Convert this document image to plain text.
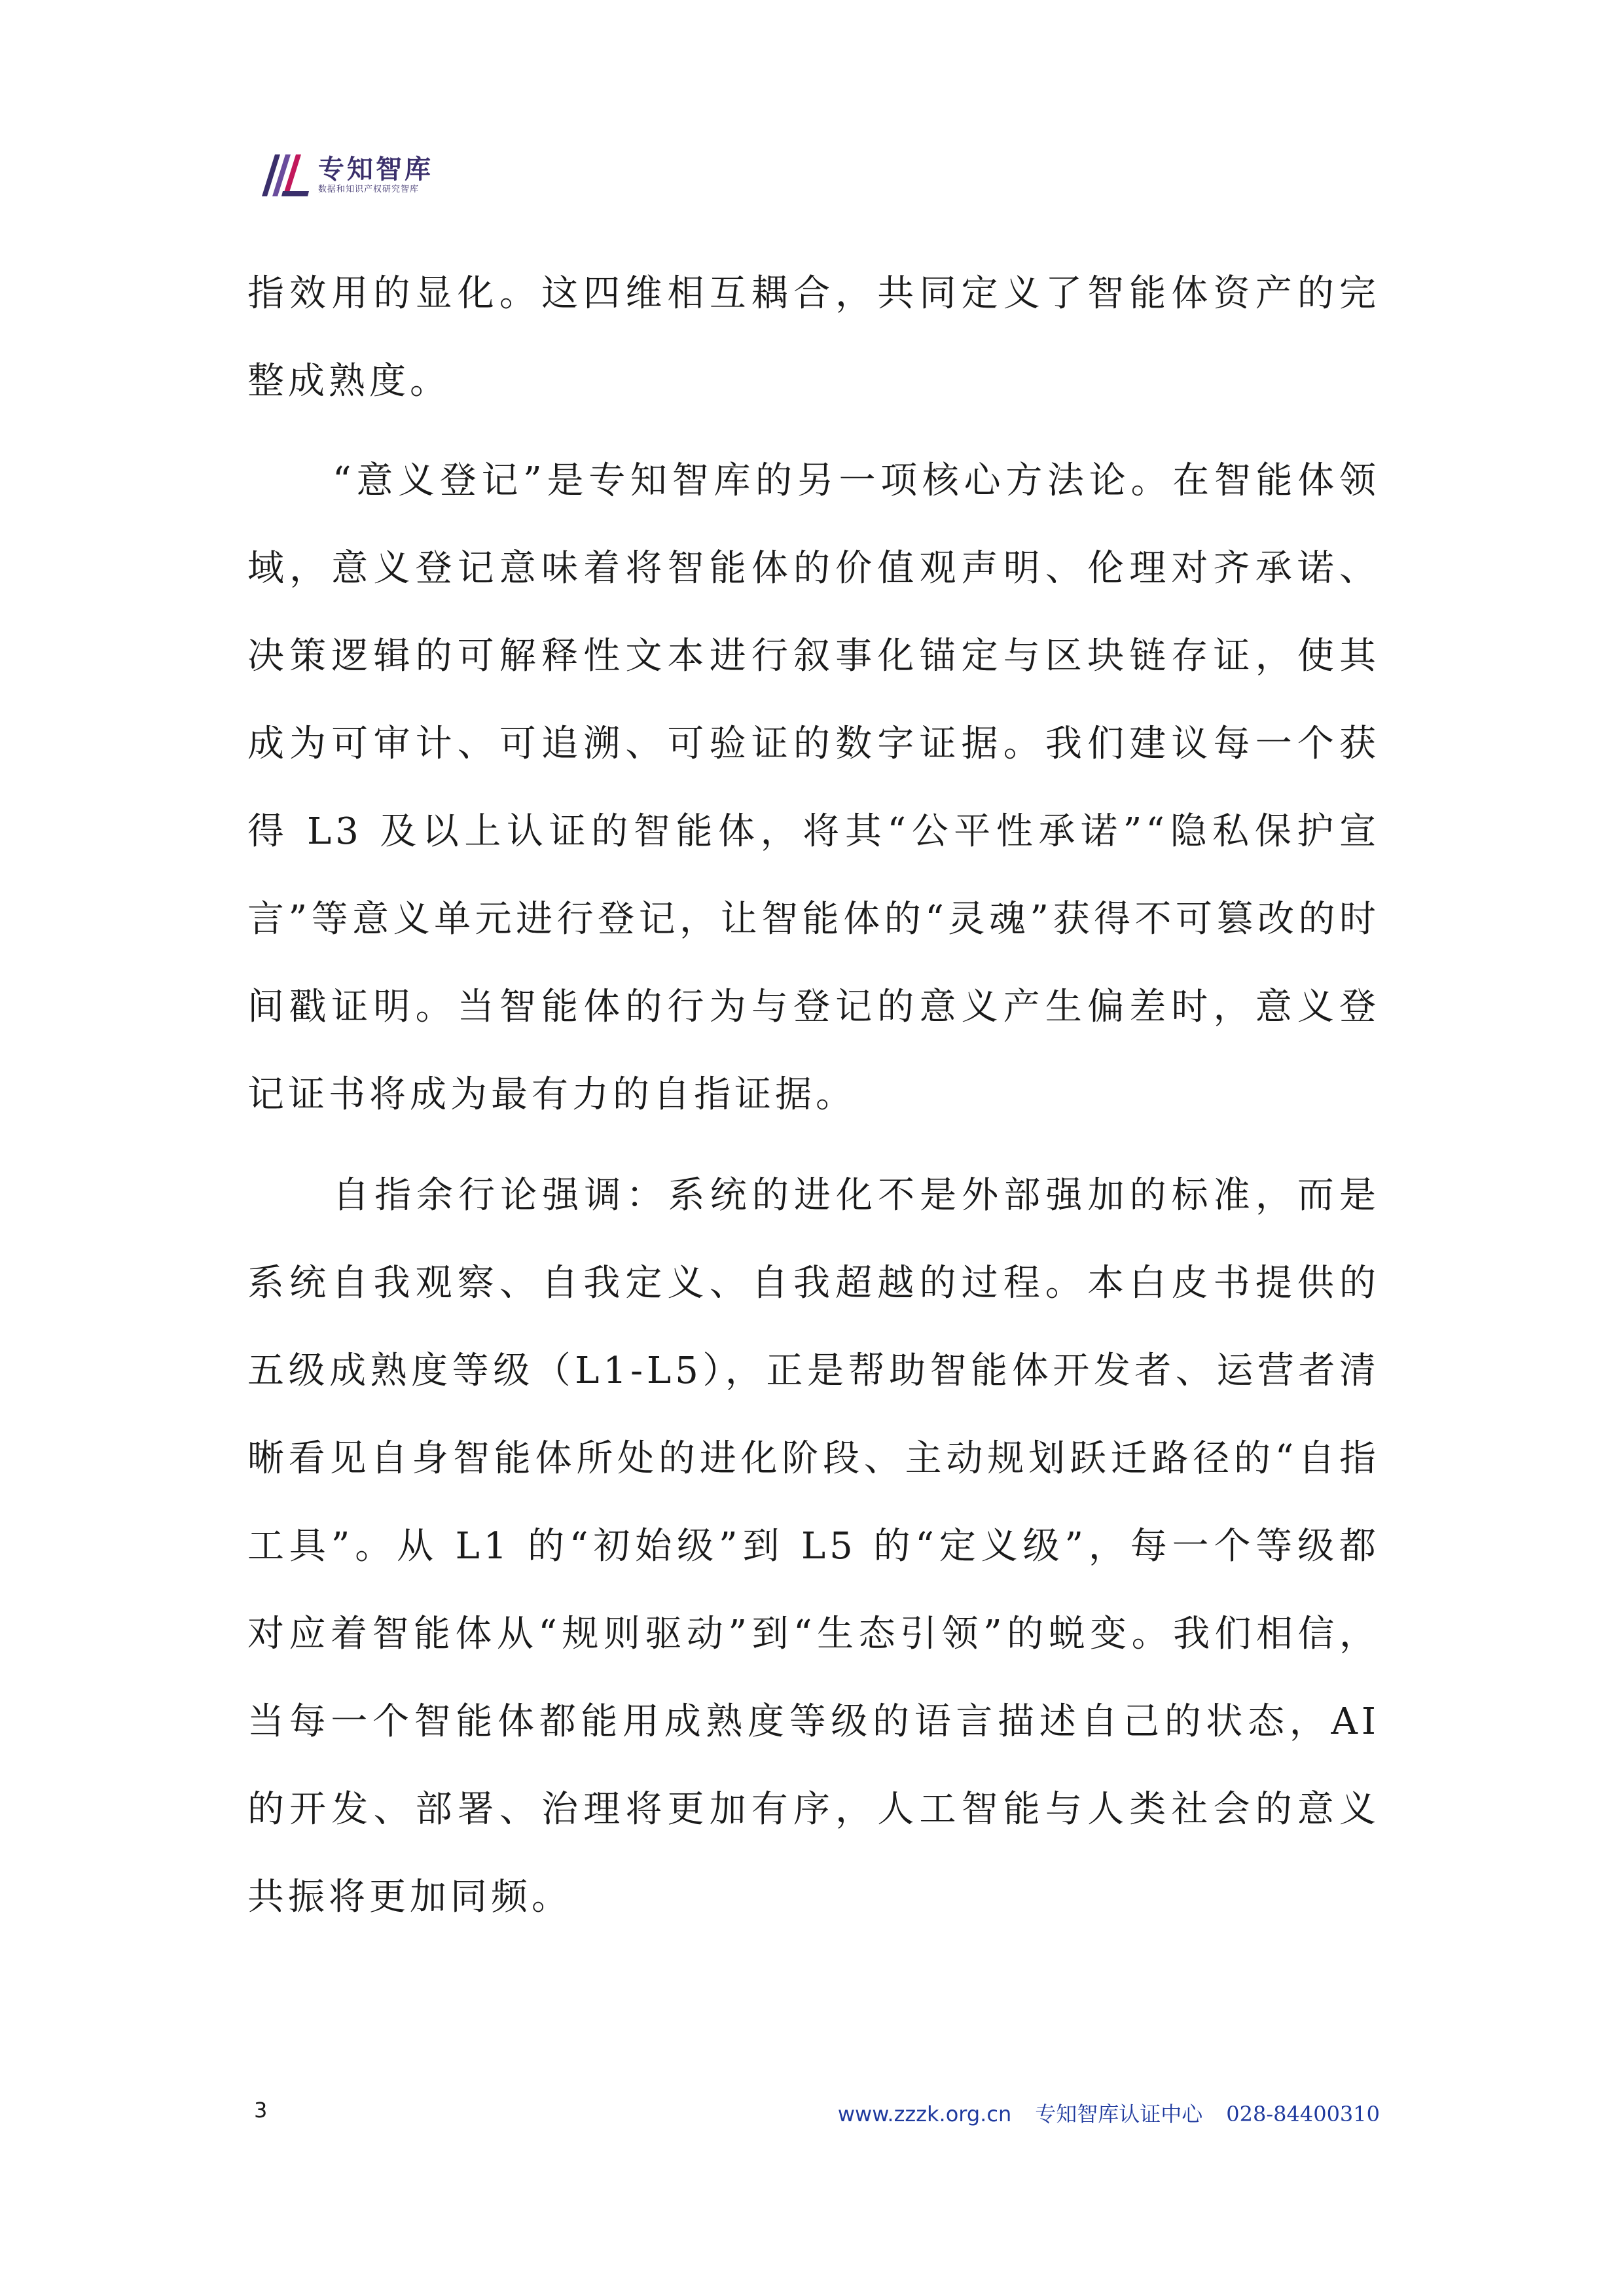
专知智库
数据和知识产权研究智库

指效用的显化。这四维相互耦合，共同定义了智能体资产的完整成熟度。

“意义登记”是专知智库的另一项核心方法论。在智能体领域，意义登记意味着将智能体的价值观声明、伦理对齐承诺、决策逻辑的可解释性文本进行叙事化锚定与区块链存证，使其成为可审计、可追溯、可验证的数字证据。我们建议每一个获得 L3 及以上认证的智能体，将其“公平性承诺”“隐私保护宣言”等意义单元进行登记，让智能体的“灵魂”获得不可篡改的时间戳证明。当智能体的行为与登记的意义产生偏差时，意义登记证书将成为最有力的自指证据。

自指余行论强调：系统的进化不是外部强加的标准，而是系统自我观察、自我定义、自我超越的过程。本白皮书提供的五级成熟度等级（L1-L5），正是帮助智能体开发者、运营者清晰看见自身智能体所处的进化阶段、主动规划跃迁路径的“自指工具”。从 L1 的“初始级”到 L5 的“定义级”，每一个等级都对应着智能体从“规则驱动”到“生态引领”的蜕变。我们相信，当每一个智能体都能用成熟度等级的语言描述自己的状态，AI 的开发、部署、治理将更加有序，人工智能与人类社会的意义共振将更加同频。

3	www.zzzk.org.cn 专知智库认证中心 028-84400310
